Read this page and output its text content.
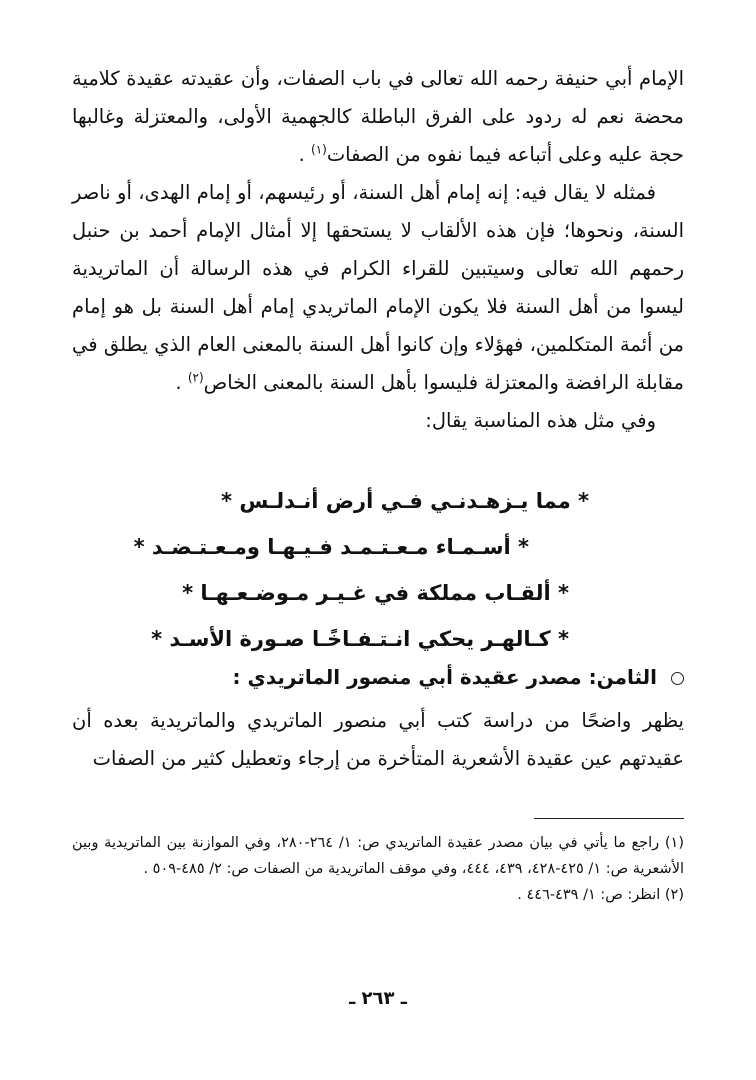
الإمام أبي حنيفة رحمه الله تعالى في باب الصفات، وأن عقيدته عقيدة كلامية محضة نعم له ردود على الفرق الباطلة كالجهمية الأولى، والمعتزلة وغالبها حجة عليه وعلى أتباعه فيما نفوه من الصفات$^{(١)}$ .

فمثله لا يقال فيه: إنه إمام أهل السنة، أو رئيسهم، أو إمام الهدى، أو ناصر السنة، ونحوها؛ فإن هذه الألقاب لا يستحقها إلا أمثال الإمام أحمد بن حنبل رحمهم الله تعالى وسيتبين للقراء الكرام في هذه الرسالة أن الماتريدية ليسوا من أهل السنة فلا يكون الإمام الماتريدي إمام أهل السنة بل هو إمام من أئمة المتكلمين، فهؤلاء وإن كانوا أهل السنة بالمعنى العام الذي يطلق في مقابلة الرافضة والمعتزلة فليسوا بأهل السنة بالمعنى الخاص$^{(٢)}$ .

وفي مثل هذه المناسبة يقال:

* مما يـزهـدنـي فـي أرض أنـدلـس *
* أسـمـاء مـعـتـمـد فـيـهـا ومـعـتـضـد *
* ألقـاب مملكة في غـيـر مـوضـعـهـا *
* كـالهـر يحكي انـتـفـاخًـا صـورة الأسـد *
الثامن: مصدر عقيدة أبي منصور الماتريدي :

يظهر واضحًا من دراسة كتب أبي منصور الماتريدي والماتريدية بعده أن عقيدتهم عين عقيدة الأشعرية المتأخرة من إرجاء وتعطيل كثير من الصفات

(١) راجع ما يأتي في بيان مصدر عقيدة الماتريدي ص: ١/ ٢٦٤-٢٨٠، وفي الموازنة بين الماتريدية وبين الأشعرية ص: ١/ ٤٢٥-٤٢٨، ٤٣٩، ٤٤٤، وفي موقف الماتريدية من الصفات ص: ٢/ ٤٨٥-٥٠٩ .

(٢) انظر: ص: ١/ ٤٣٩-٤٤٦ .

ـ ٢٦٣ ـ
